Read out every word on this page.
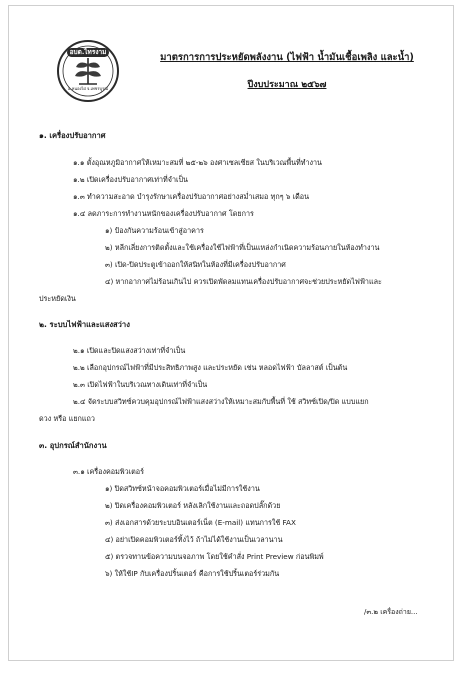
อบต.ไทรงาม
อ.หนองไผ่ จ.เพชรบูรณ์
มาตรการการประหยัดพลังงาน (ไฟฟ้า น้ำมันเชื้อเพลิง และน้ำ)
ปีงบประมาณ ๒๕๖๗
๑. เครื่องปรับอากาศ
๑.๑ ตั้งอุณหภูมิอากาศให้เหมาะสมที่ ๒๕-๒๖ องศาเซลเซียส ในบริเวณพื้นที่ทำงาน
๑.๒ เปิดเครื่องปรับอากาศเท่าที่จำเป็น
๑.๓ ทำความสะอาด บำรุงรักษาเครื่องปรับอากาศอย่างสม่ำเสมอ ทุกๆ ๖ เดือน
๑.๔ ลดภาระการทำงานหนักของเครื่องปรับอากาศ โดยการ
๑) ป้องกันความร้อนเข้าสู่อาคาร
๒) หลีกเลี่ยงการติดตั้งและใช้เครื่องใช้ไฟฟ้าที่เป็นแหล่งกำเนิดความร้อนภายในห้องทำงาน
๓) เปิด-ปิดประตูเข้าออกให้สนิทในห้องที่มีเครื่องปรับอากาศ
๔) หากอากาศไม่ร้อนเกินไป ควรเปิดพัดลมแทนเครื่องปรับอากาศจะช่วยประหยัดไฟฟ้าและ
ประหยัดเงิน
๒. ระบบไฟฟ้าและแสงสว่าง
๒.๑ เปิดและปิดแสงสว่างเท่าที่จำเป็น
๒.๒ เลือกอุปกรณ์ไฟฟ้าที่มีประสิทธิภาพสูง และประหยัด เช่น หลอดไฟฟ้า บัลลาสต์ เป็นต้น
๒.๓ เปิดไฟฟ้าในบริเวณทางเดินเท่าที่จำเป็น
๒.๔ จัดระบบสวิทซ์ควบคุมอุปกรณ์ไฟฟ้าแสงสว่างให้เหมาะสมกับพื้นที่ ใช้ สวิทซ์เปิด/ปิด แบบแยก
ดวง หรือ แยกแถว
๓. อุปกรณ์สำนักงาน
๓.๑ เครื่องคอมพิวเตอร์
๑) ปิดสวิทซ์หน้าจอคอมพิวเตอร์เมื่อไม่มีการใช้งาน
๒) ปิดเครื่องคอมพิวเตอร์ หลังเลิกใช้งานและถอดปลั๊กด้วย
๓) ส่งเอกสารด้วยระบบอินเตอร์เน็ต (E-mail) แทนการใช้ FAX
๔) อย่าเปิดคอมพิวเตอร์ทิ้งไว้ ถ้าไม่ได้ใช้งานเป็นเวลานาน
๕) ตรวจทานข้อความบนจอภาพ โดยใช้คำสั่ง Print Preview ก่อนพิมพ์
๖) ให้ใช้IP กับเครื่องปริ้นเตอร์ คือการใช้ปริ้นเตอร์ร่วมกัน
/๓.๒ เครื่องถ่าย...
